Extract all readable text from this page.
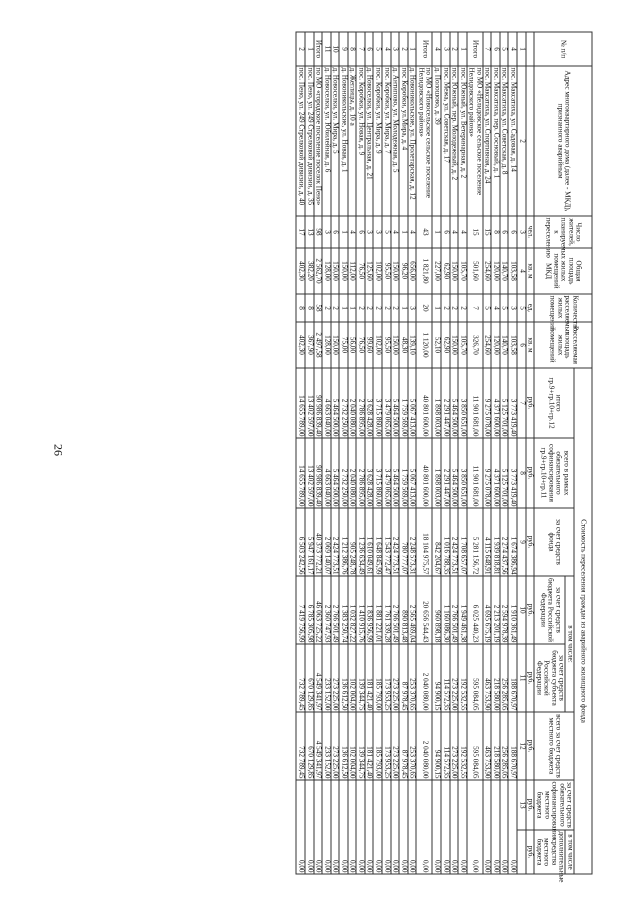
26
№ п/п	Адрес многоквартирного дома (далее - МКД), признанного аварийным	Число жителей, планируемых к переселению	Общая площадь жилых помещений МКД	Количество расселяемых жилых помещений	Расселяемая площадь жилых помещений	Стоимость переселения граждан из аварийного жилищного фонда							
						итого гр.9+гр.10+гр.12	всего в рамках обязательного софинансирования гр.9+гр.10+гр.11	за счет средств фонда	в том числе:		всего за счет средств местного бюджета	за счет средств обязательного софинансирования местного бюджета	в том числе
									за счет средств бюджета Российской Федерации	за счет средств бюджета субъекта Российской Федерации			дополнительные средства местного бюджета
		чел.	кв. м	ед.	кв. м	руб.	руб.	руб.	руб.	руб.	руб.	руб.	руб.
1	2	3	4	5	6	7	8	9	10	11	12	13	
4	пос. Максатиха, ул. Садовая, д. 14	6	103,58	3	103,58	3 773 419,40	3 773 419,40	1 674 386,94	1 910 361,49	188 670,97	188 670,97	0,00	
5	пос. Максатиха, ул. Советская, д. 8	6	140,70	5	140,70	5 125 701,00	5 125 701,00	2 274 437,56	2 594 978,39	256 285,05	256 285,05	0,00	
6	пос. Максатиха, пер. Сосновый, д. 1	8	120,00	4	120,00	4 371 600,00	4 371 600,00	1 939 818,81	2 213 201,19	218 580,00	218 580,00	0,00	
7	пос. Максатиха, ул. Спортивная, д. 24	15	254,60	5	254,60	9 275 078,00	9 275 078,00	4 115 648,91	4 695 675,19	463 753,90	463 753,90	0,00	
Итого	по МО «Нелидовское сельское поселение Нелидовского района»	15	501,60	7	326,70	11 901 681,00	11 901 681,00	5 281 156,72	6 025 440,23	595 084,05	595 084,05	0,00	
1	пос. Южный, ул. Ветеринарная, д. 2	4	105,70	2	105,70	3 850 651,00	3 850 651,00	1 708 657,07	1 949 461,38	192 532,55	192 532,55	0,00	
2	пос. Южный, пер. Молодежный, д. 2	4	150,00	2	150,00	5 464 500,00	5 464 500,00	2 424 773,51	2 766 501,49	273 225,00	273 225,00	0,00	
3	пос. Межа, ул. Советская, д. 17	6	62,90	2	62,90	2 291 447,00	2 291 447,00	1 016 788,35	1 160 086,30	114 572,35	114 572,35	0,00	
4	д. Полошово, д. 39	1	227,00	1	52,10	1 898 003,00	1 898 003,00	842 204,67	960 898,18	94 900,15	94 900,15	0,00	
Итого	по МО «Новосельское сельское поселение Нелидовского района»	43	1 821,80	20	1 120,00	40 801 600,00	40 801 600,00	18 104 975,57	20 656 544,43	2 040 080,00	2 040 080,00	0,00	
1	д. Новоникольские, ул. Пролетарская, д. 12	4	656,00	3	139,10	5 067 413,00	5 067 413,00	2 248 573,31	2 565 469,04	253 370,65	253 370,65	0,00	
2	пос Коробки, ул.Мира, д. 4	1	96,20	1	48,30	1 759 569,00	1 759 569,00	780 777,07	890 813,48	87 978,45	87 978,45	0,00	
3	д. Антипово, ул. Молодежная, д. 5	4	150,00	2	150,00	5 464 500,00	5 464 500,00	2 424 773,51	2 766 501,49	273 225,00	273 225,00	0,00	
4	пос. Коробки, ул. Мира, д. 7	5	95,50	2	95,50	3 479 065,00	3 479 065,00	1 543 772,47	1 761 339,28	173 953,25	173 953,25	0,00	
5	пос. Коробки, ул. Мира, д. 9	3	102,00	2	102,00	3 715 860,00	3 715 860,00	1 648 845,99	1 881 221,01	185 793,00	185 793,00	0,00	
6	д. Новоселки, ул. Центральная, д. 21	3	125,60	2	99,60	3 628 428,00	3 628 428,00	1 610 049,61	1 836 956,99	181 421,40	181 421,40	0,00	
7	пос. Коробки, ул. Новая, д. 9	6	76,50	2	76,50	2 786 895,00	2 786 895,00	1 236 634,49	1 410 915,76	139 344,75	139 344,75	0,00	
8	д. Жеглицы, д. 10 а	4	112,00	1	56,00	2 040 080,00	2 040 080,00	905 248,78	1 032 827,22	102 004,00	102 004,00	0,00	
9	д. Новоникольские, ул. Новая, д. 1	1	150,00	1	75,00	2 732 250,00	2 732 250,00	1 212 386,76	1 383 250,74	136 612,50	136 612,50	0,00	
10	д. Новоселки, ул. Мира, д. 5	6	150,00	2	150,00	5 464 500,00	5 464 500,00	2 424 773,51	2 766 501,49	273 225,00	273 225,00	0,00	
11	д. Новоселки, ул. Юбилейная, д. 6	3	128,00	2	128,00	4 663 040,00	4 663 040,00	2 069 140,07	2 360 747,93	233 152,00	233 152,00	0,00	
Итого	по МО «городское поселение поселок Пено»	98	2 562,70	58	2 497,58	90 986 839,40	90 986 839,40	40 373 772,21	46 063 725,22	4 549 341,97	4 549 341,97	0,00	
1	пос. Пено, ул. 249 Стрелковой дивизии, д. 35	13	382,20	8	367,90	13 402 597,00	13 402 597,00	5 947 161,17	6 785 305,98	670 129,85	670 129,85	0,00	
2	пос. Пено, ул. 249 Стрелковой дивизии, д. 40	17	402,30	8	402,30	14 655 789,00	14 655 789,00	6 503 242,56	7 419 756,99	732 789,45	732 789,45	0,00	
